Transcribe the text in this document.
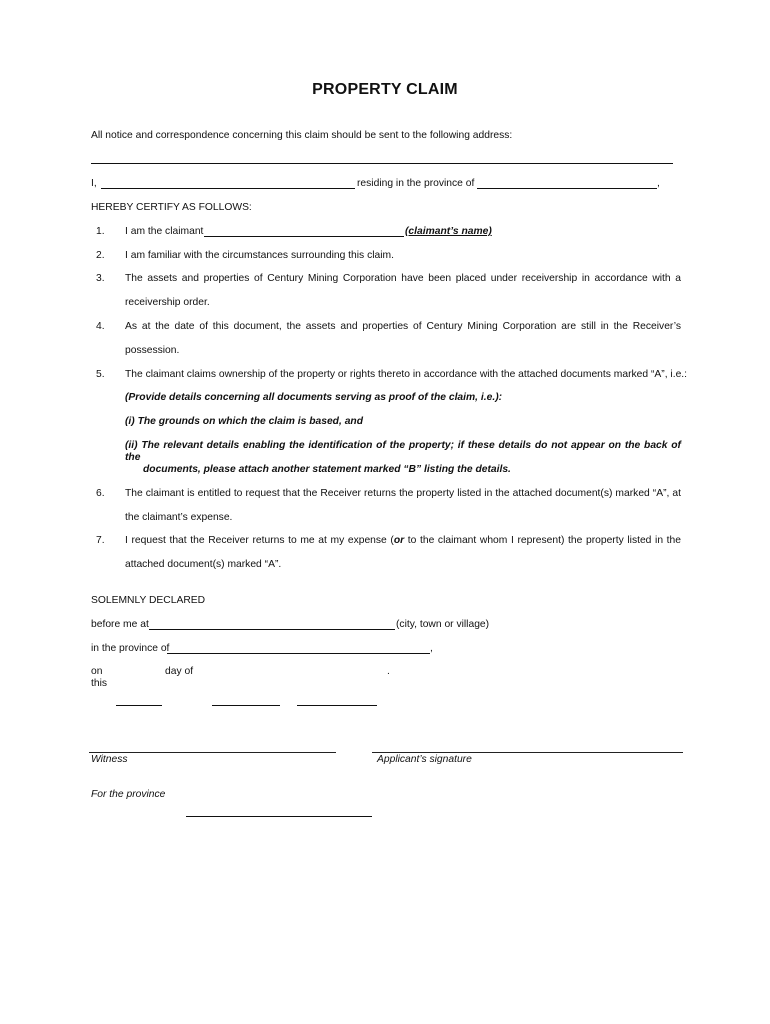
PROPERTY CLAIM
All notice and correspondence concerning this claim should be sent to the following address:
I,	residing in the province of	,
HEREBY CERTIFY AS FOLLOWS:
1.	I am the claimant	(claimant’s name)
2.	I am familiar with the circumstances surrounding this claim.
3.	The assets and properties of Century Mining Corporation have been placed under receivership in accordance with a
receivership order.
4.	As at the date of this document, the assets and properties of Century Mining Corporation are still in the Receiver’s
possession.
5.	The claimant claims ownership of the property or rights thereto in accordance with the attached documents marked “A”, i.e.:
(Provide details concerning all documents serving as proof of the claim, i.e.):
(i) The grounds on which the claim is based, and
(ii) The relevant details enabling the identification of the property; if these details do not appear on the back of the
documents, please attach another statement marked “B” listing the details.
6.	The claimant is entitled to request that the Receiver returns the property listed in the attached document(s) marked “A”, at
the claimant’s expense.
7.	I request that the Receiver returns to me at my expense (or to the claimant whom I represent) the property listed in the
attached document(s) marked “A”.
SOLEMNLY DECLARED
before me at	(city, town or village)
in the province of	,
on
this
day of	.
Witness	Applicant’s signature
For the province
